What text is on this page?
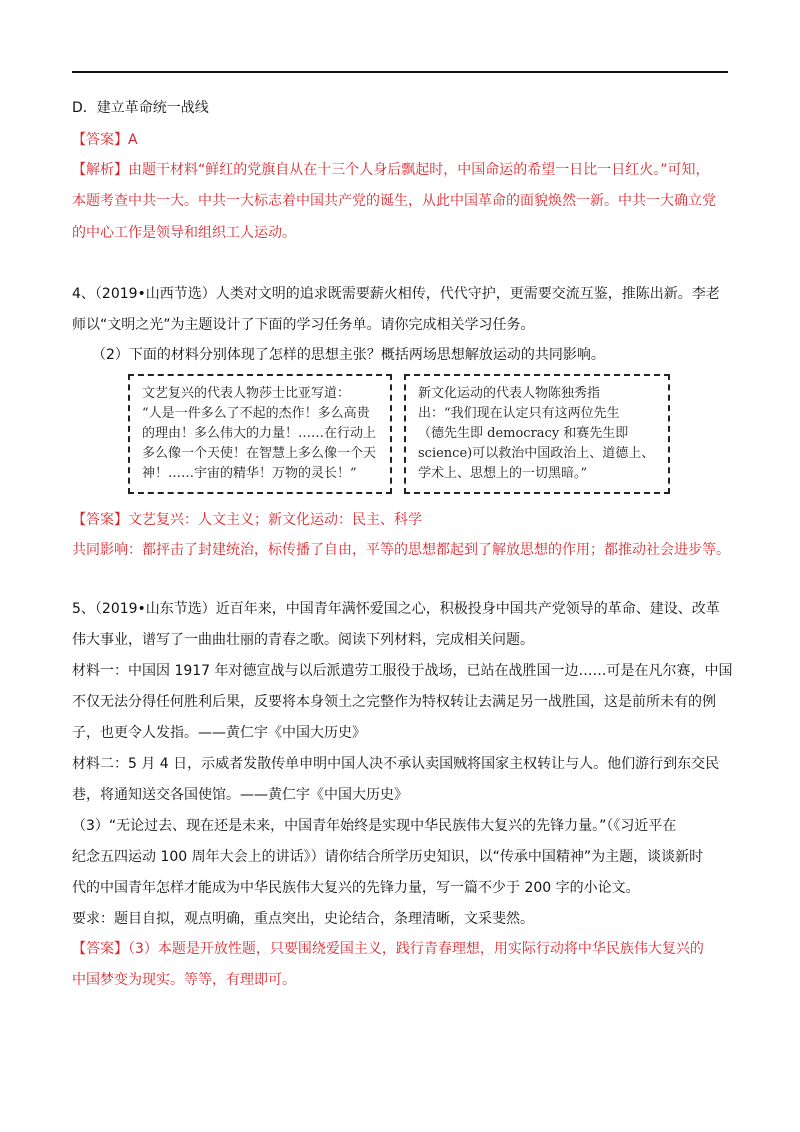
D．建立革命统一战线
【答案】A
【解析】由题干材料“鲜红的党旗自从在十三个人身后飘起时，中国命运的希望一日比一日红火。”可知，
本题考查中共一大。中共一大标志着中国共产党的诞生，从此中国革命的面貌焕然一新。中共一大确立党
的中心工作是领导和组织工人运动。
4、（2019•山西节选）人类对文明的追求既需要薪火相传，代代守护，更需要交流互鉴，推陈出新。李老
师以“文明之光”为主题设计了下面的学习任务单。请你完成相关学习任务。
（2）下面的材料分别体现了怎样的思想主张？概括两场思想解放运动的共同影响。
文艺复兴的代表人物莎士比亚写道：
“人是一件多么了不起的杰作！多么高贵
的理由！多么伟大的力量！……在行动上
多么像一个天使！在智慧上多么像一个天
神！……宇宙的精华！万物的灵长！”
新文化运动的代表人物陈独秀指
出：“我们现在认定只有这两位先生
（德先生即 democracy 和赛先生即
science)可以救治中国政治上、道德上、
学术上、思想上的一切黑暗。”
【答案】文艺复兴：人文主义；新文化运动：民主、科学
共同影响：都抨击了封建统治，标传播了自由，平等的思想都起到了解放思想的作用；都推动社会进步等。
5、（2019•山东节选）近百年来，中国青年满怀爱国之心，积极投身中国共产党领导的革命、建设、改革
伟大事业，谱写了一曲曲壮丽的青春之歌。阅读下列材料，完成相关问题。
材料一：中国因 1917 年对德宣战与以后派遣劳工服役于战场，已站在战胜国一边……可是在凡尔赛，中国
不仅无法分得任何胜利后果，反要将本身领土之完整作为特权转让去满足另一战胜国，这是前所未有的例
子，也更令人发指。——黄仁宇《中国大历史》
材料二：5 月 4 日，示威者发散传单申明中国人决不承认卖国贼将国家主权转让与人。他们游行到东交民
巷，将通知送交各国使馆。——黄仁宇《中国大历史》
（3）“无论过去、现在还是未来，中国青年始终是实现中华民族伟大复兴的先锋力量。”（《习近平在
纪念五四运动 100 周年大会上的讲话》）请你结合所学历史知识，以“传承中国精神”为主题，谈谈新时
代的中国青年怎样才能成为中华民族伟大复兴的先锋力量，写一篇不少于 200 字的小论文。
要求：题目自拟，观点明确，重点突出，史论结合，条理清晰，文采斐然。
【答案】（3）本题是开放性题，只要围绕爱国主义，践行青春理想，用实际行动将中华民族伟大复兴的
中国梦变为现实。等等，有理即可。
